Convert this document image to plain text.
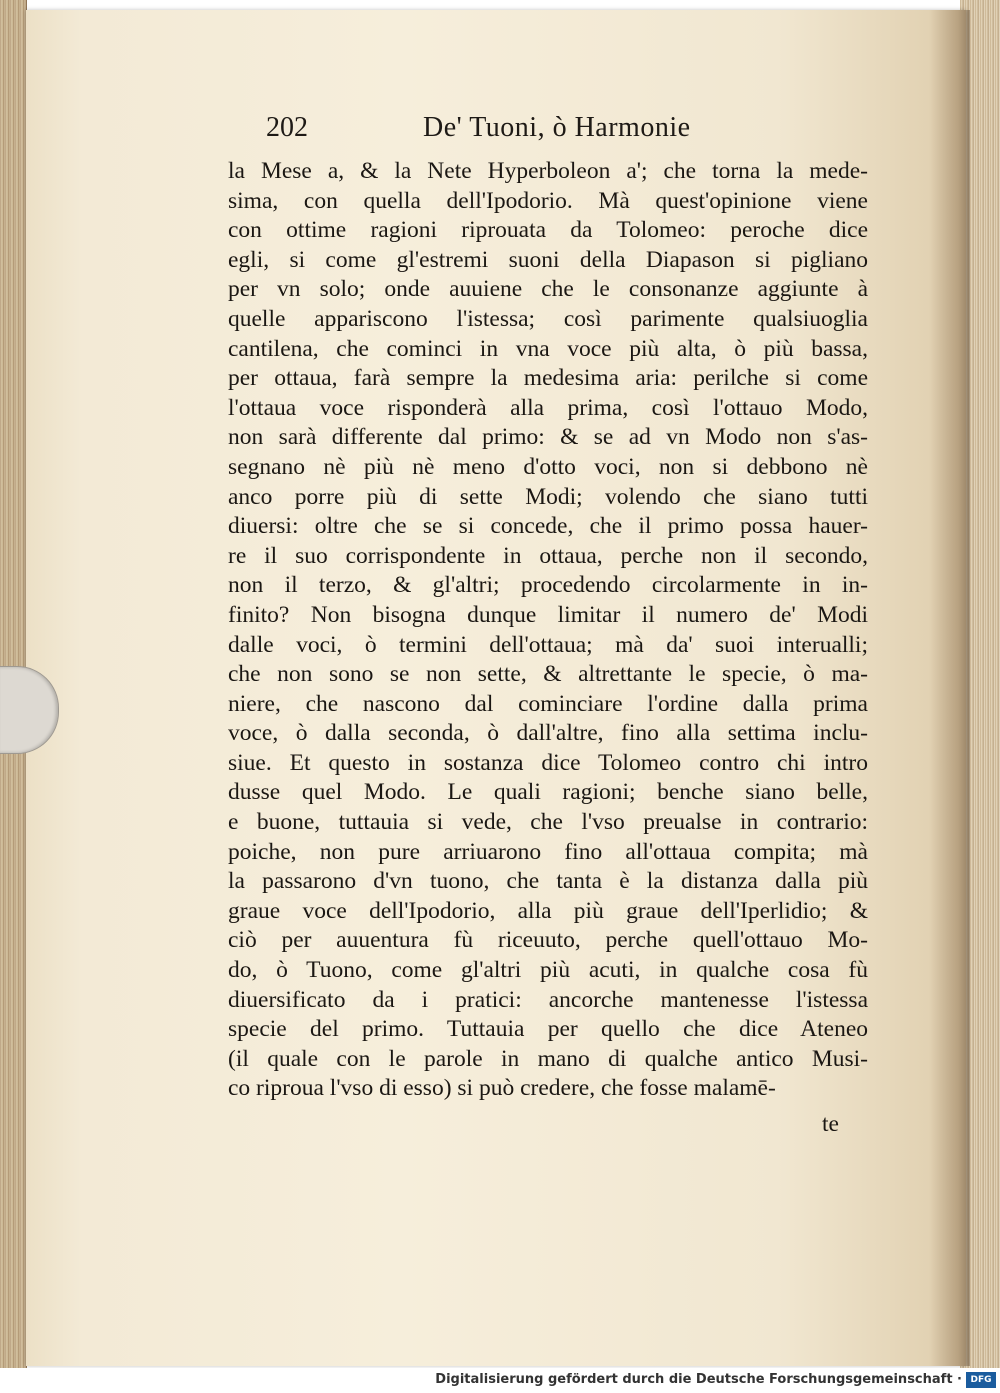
202	De' Tuoni, ò Harmonie
la Mese a, & la Nete Hyperboleon a'; che torna la mede-
sima, con quella dell'Ipodorio. Mà quest'opinione viene
con ottime ragioni riprouata da Tolomeo: peroche dice
egli, si come gl'estremi suoni della Diapason si pigliano
per vn solo; onde auuiene che le consonanze aggiunte à
quelle appariscono l'istessa; così parimente qualsiuoglia
cantilena, che cominci in vna voce più alta, ò più bassa,
per ottaua, farà sempre la medesima aria: perilche si come
l'ottaua voce risponderà alla prima, così l'ottauo Modo,
non sarà differente dal primo: & se ad vn Modo non s'as-
segnano nè più nè meno d'otto voci, non si debbono nè
anco porre più di sette Modi; volendo che siano tutti
diuersi: oltre che se si concede, che il primo possa hauer-
re il suo corrispondente in ottaua, perche non il secondo,
non il terzo, & gl'altri; procedendo circolarmente in in-
finito? Non bisogna dunque limitar il numero de' Modi
dalle voci, ò termini dell'ottaua; mà da' suoi interualli;
che non sono se non sette, & altrettante le specie, ò ma-
niere, che nascono dal cominciare l'ordine dalla prima
voce, ò dalla seconda, ò dall'altre, fino alla settima inclu-
siue. Et questo in sostanza dice Tolomeo contro chi intro
dusse quel Modo. Le quali ragioni; benche siano belle,
e buone, tuttauia si vede, che l'vso preualse in contrario:
poiche, non pure arriuarono fino all'ottaua compita; mà
la passarono d'vn tuono, che tanta è la distanza dalla più
graue voce dell'Ipodorio, alla più graue dell'Iperlidio; &
ciò per auuentura fù riceuuto, perche quell'ottauo Mo-
do, ò Tuono, come gl'altri più acuti, in qualche cosa fù
diuersificato da i pratici: ancorche mantenesse l'istessa
specie del primo. Tuttauia per quello che dice Ateneo
(il quale con le parole in mano di qualche antico Musi-
co riproua l'vso di esso) si può credere, che fosse malamē-
te
Digitalisierung gefördert durch die Deutsche Forschungsgemeinschaft · DFG
